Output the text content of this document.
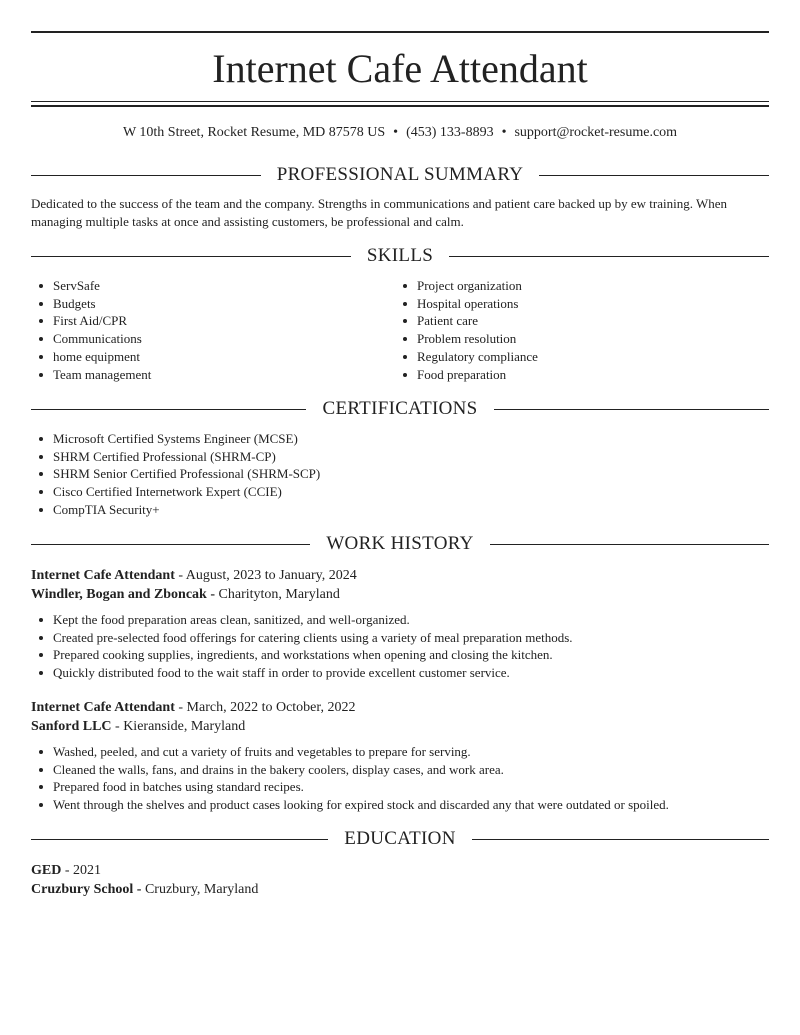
Internet Cafe Attendant
W 10th Street, Rocket Resume, MD 87578 US • (453) 133-8893 • support@rocket-resume.com
PROFESSIONAL SUMMARY
Dedicated to the success of the team and the company. Strengths in communications and patient care backed up by ew training. When managing multiple tasks at once and assisting customers, be professional and calm.
SKILLS
ServSafe
Budgets
First Aid/CPR
Communications
home equipment
Team management
Project organization
Hospital operations
Patient care
Problem resolution
Regulatory compliance
Food preparation
CERTIFICATIONS
Microsoft Certified Systems Engineer (MCSE)
SHRM Certified Professional (SHRM-CP)
SHRM Senior Certified Professional (SHRM-SCP)
Cisco Certified Internetwork Expert (CCIE)
CompTIA Security+
WORK HISTORY
Internet Cafe Attendant - August, 2023 to January, 2024
Windler, Bogan and Zboncak - Charityton, Maryland
Kept the food preparation areas clean, sanitized, and well-organized.
Created pre-selected food offerings for catering clients using a variety of meal preparation methods.
Prepared cooking supplies, ingredients, and workstations when opening and closing the kitchen.
Quickly distributed food to the wait staff in order to provide excellent customer service.
Internet Cafe Attendant - March, 2022 to October, 2022
Sanford LLC - Kieranside, Maryland
Washed, peeled, and cut a variety of fruits and vegetables to prepare for serving.
Cleaned the walls, fans, and drains in the bakery coolers, display cases, and work area.
Prepared food in batches using standard recipes.
Went through the shelves and product cases looking for expired stock and discarded any that were outdated or spoiled.
EDUCATION
GED - 2021
Cruzbury School - Cruzbury, Maryland
